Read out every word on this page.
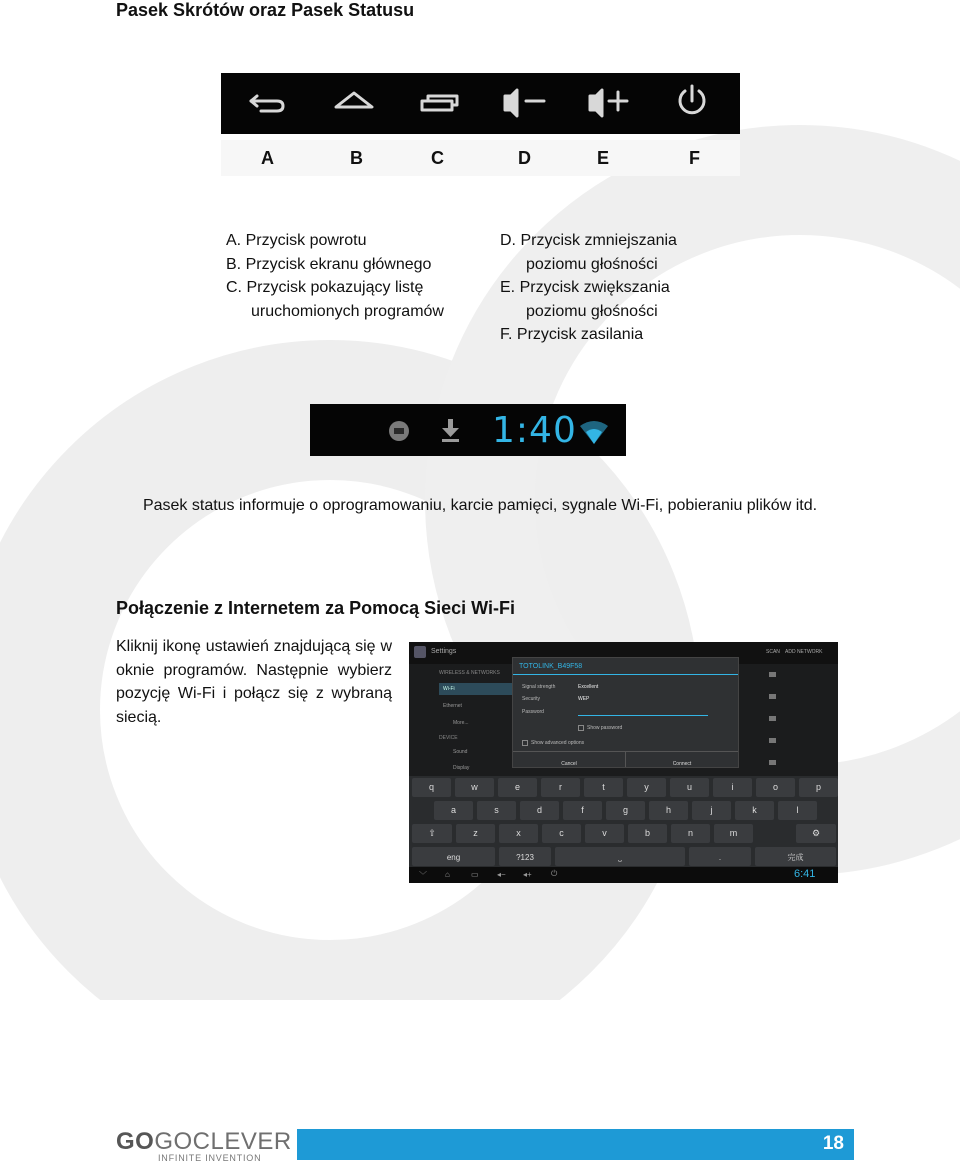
Pasek Skrótów oraz Pasek Statusu
A	B	C	D	E	F
A. Przycisk powrotu
B. Przycisk ekranu głównego
C. Przycisk pokazujący listę
uruchomionych programów
D. Przycisk zmniejszania
poziomu głośności
E. Przycisk zwiększania
poziomu głośności
F. Przycisk zasilania
1:40
Pasek status informuje o oprogramowaniu, karcie pamięci, sygnale Wi-Fi, pobieraniu plików itd.
Połączenie z Internetem za Pomocą Sieci Wi-Fi
Kliknij ikonę ustawień znajdującą się w oknie programów. Następnie wybierz pozycję Wi-Fi i połącz się z wybraną siecią.
Settings	SCAN ADD NETWORK
WIRELESS & NETWORKS
Wi-Fi
Ethernet
More...
DEVICE
Sound
Display
TOTOLINK_B49F58
Signal strength	Excellent
Security	WEP
Password
Show password
Show advanced options
Cancel	Connect
q	w	e	r	t	y	u	i	o	p
a	s	d	f	g	h	j	k	l
⇧	z	x	c	v	b	n	m	⚙
eng	?123	⎵	.	完成
﹀ ⌂	▭ ◂− ◂+ ⏻	6:41
GOGOCLEVER
INFINITE INVENTION
18
